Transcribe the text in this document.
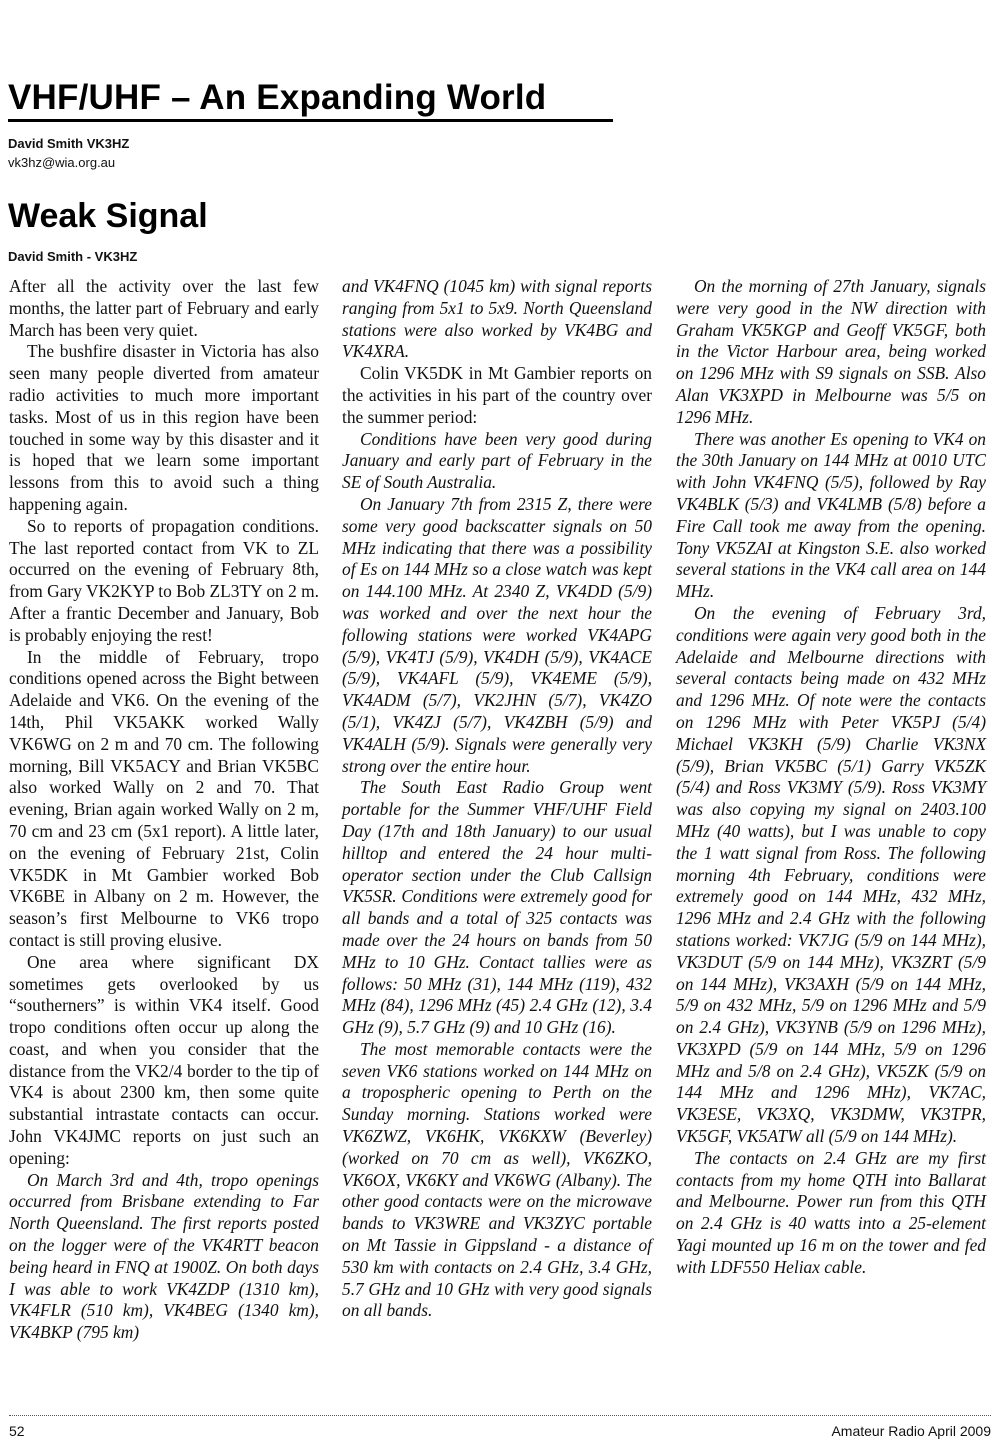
VHF/UHF – An Expanding World
David Smith VK3HZ
vk3hz@wia.org.au
Weak Signal
David Smith - VK3HZ

After all the activity over the last few months, the latter part of February and early March has been very quiet.

The bushfire disaster in Victoria has also seen many people diverted from amateur radio activities to much more important tasks. Most of us in this region have been touched in some way by this disaster and it is hoped that we learn some important lessons from this to avoid such a thing happening again.

So to reports of propagation conditions. The last reported contact from VK to ZL occurred on the evening of February 8th, from Gary VK2KYP to Bob ZL3TY on 2 m. After a frantic December and January, Bob is probably enjoying the rest!

In the middle of February, tropo conditions opened across the Bight between Adelaide and VK6. On the evening of the 14th, Phil VK5AKK worked Wally VK6WG on 2 m and 70 cm. The following morning, Bill VK5ACY and Brian VK5BC also worked Wally on 2 and 70. That evening, Brian again worked Wally on 2 m, 70 cm and 23 cm (5x1 report). A little later, on the evening of February 21st, Colin VK5DK in Mt Gambier worked Bob VK6BE in Albany on 2 m. However, the season’s first Melbourne to VK6 tropo contact is still proving elusive.

One area where significant DX sometimes gets overlooked by us “southerners” is within VK4 itself. Good tropo conditions often occur up along the coast, and when you consider that the distance from the VK2/4 border to the tip of VK4 is about 2300 km, then some quite substantial intrastate contacts can occur. John VK4JMC reports on just such an opening:

On March 3rd and 4th, tropo openings occurred from Brisbane extending to Far North Queensland. The first reports posted on the logger were of the VK4RTT beacon being heard in FNQ at 1900Z. On both days I was able to work VK4ZDP (1310 km), VK4FLR (510 km), VK4BEG (1340 km), VK4BKP (795 km)

and VK4FNQ (1045 km) with signal reports ranging from 5x1 to 5x9. North Queensland stations were also worked by VK4BG and VK4XRA.

Colin VK5DK in Mt Gambier reports on the activities in his part of the country over the summer period:

Conditions have been very good during January and early part of February in the SE of South Australia.

On January 7th from 2315 Z, there were some very good backscatter signals on 50 MHz indicating that there was a possibility of Es on 144 MHz so a close watch was kept on 144.100 MHz. At 2340 Z, VK4DD (5/9) was worked and over the next hour the following stations were worked VK4APG (5/9), VK4TJ (5/9), VK4DH (5/9), VK4ACE (5/9), VK4AFL (5/9), VK4EME (5/9), VK4ADM (5/7), VK2JHN (5/7), VK4ZO (5/1), VK4ZJ (5/7), VK4ZBH (5/9) and VK4ALH (5/9). Signals were generally very strong over the entire hour.

The South East Radio Group went portable for the Summer VHF/UHF Field Day (17th and 18th January) to our usual hilltop and entered the 24 hour multi-operator section under the Club Callsign VK5SR. Conditions were extremely good for all bands and a total of 325 contacts was made over the 24 hours on bands from 50 MHz to 10 GHz. Contact tallies were as follows: 50 MHz (31), 144 MHz (119), 432 MHz (84), 1296 MHz (45) 2.4 GHz (12), 3.4 GHz (9), 5.7 GHz (9) and 10 GHz (16).

The most memorable contacts were the seven VK6 stations worked on 144 MHz on a tropospheric opening to Perth on the Sunday morning. Stations worked were VK6ZWZ, VK6HK, VK6KXW (Beverley) (worked on 70 cm as well), VK6ZKO, VK6OX, VK6KY and VK6WG (Albany). The other good contacts were on the microwave bands to VK3WRE and VK3ZYC portable on Mt Tassie in Gippsland - a distance of 530 km with contacts on 2.4 GHz, 3.4 GHz, 5.7 GHz and 10 GHz with very good signals on all bands.

On the morning of 27th January, signals were very good in the NW direction with Graham VK5KGP and Geoff VK5GF, both in the Victor Harbour area, being worked on 1296 MHz with S9 signals on SSB. Also Alan VK3XPD in Melbourne was 5/5 on 1296 MHz.

There was another Es opening to VK4 on the 30th January on 144 MHz at 0010 UTC with John VK4FNQ (5/5), followed by Ray VK4BLK (5/3) and VK4LMB (5/8) before a Fire Call took me away from the opening. Tony VK5ZAI at Kingston S.E. also worked several stations in the VK4 call area on 144 MHz.

On the evening of February 3rd, conditions were again very good both in the Adelaide and Melbourne directions with several contacts being made on 432 MHz and 1296 MHz. Of note were the contacts on 1296 MHz with Peter VK5PJ (5/4) Michael VK3KH (5/9) Charlie VK3NX (5/9), Brian VK5BC (5/1) Garry VK5ZK (5/4) and Ross VK3MY (5/9). Ross VK3MY was also copying my signal on 2403.100 MHz (40 watts), but I was unable to copy the 1 watt signal from Ross. The following morning 4th February, conditions were extremely good on 144 MHz, 432 MHz, 1296 MHz and 2.4 GHz with the following stations worked: VK7JG (5/9 on 144 MHz), VK3DUT (5/9 on 144 MHz), VK3ZRT (5/9 on 144 MHz), VK3AXH (5/9 on 144 MHz, 5/9 on 432 MHz, 5/9 on 1296 MHz and 5/9 on 2.4 GHz), VK3YNB (5/9 on 1296 MHz), VK3XPD (5/9 on 144 MHz, 5/9 on 1296 MHz and 5/8 on 2.4 GHz), VK5ZK (5/9 on 144 MHz and 1296 MHz), VK7AC, VK3ESE, VK3XQ, VK3DMW, VK3TPR, VK5GF, VK5ATW all (5/9 on 144 MHz).

The contacts on 2.4 GHz are my first contacts from my home QTH into Ballarat and Melbourne. Power run from this QTH on 2.4 GHz is 40 watts into a 25-element Yagi mounted up 16 m on the tower and fed with LDF550 Heliax cable.

52	Amateur Radio April 2009
